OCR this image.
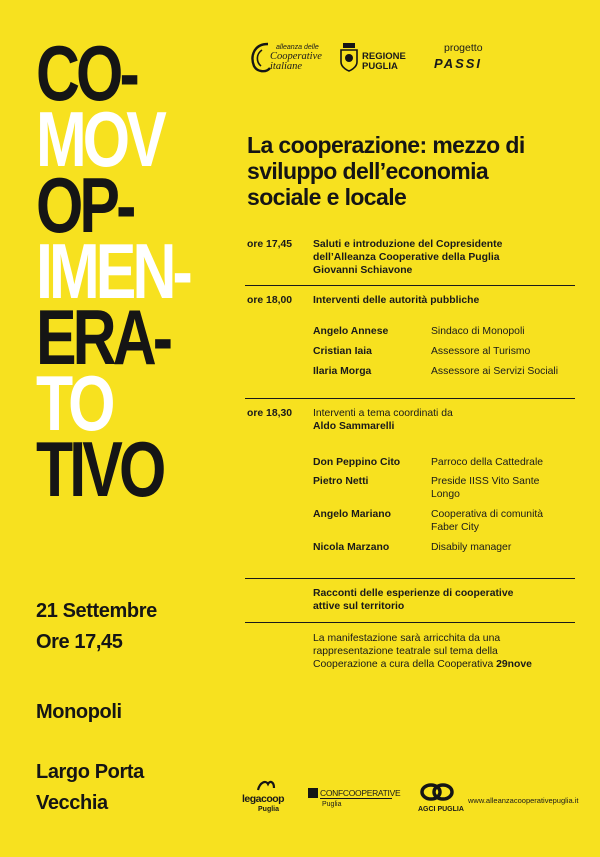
CO-
MOV
OP-
IMEN-
ERA-
TO
TIVO
alleanza delle
Cooperative italiane
REGIONE PUGLIA
progetto
PASSI
La cooperazione: mezzo di sviluppo dell’economia sociale e locale
ore 17,45 Saluti e introduzione del Copresidente dell’Alleanza Cooperative della Puglia Giovanni Schiavone
ore 18,00 Interventi delle autorità pubbliche
Angelo Annese	Sindaco di Monopoli
Cristian Iaia	Assessore al Turismo
Ilaria Morga	Assessore ai Servizi Sociali
ore 18,30 Interventi a tema coordinati da
Aldo Sammarelli
Don Peppino Cito	Parroco della Cattedrale
Pietro Netti	Preside IISS Vito Sante Longo
Angelo Mariano	Cooperativa di comunità Faber City
Nicola Marzano	Disabily manager
Racconti delle esperienze di cooperative attive sul territorio
La manifestazione sarà arricchita da una rappresentazione teatrale sul tema della Cooperazione a cura della Cooperativa 29nove
21 Settembre
Ore 17,45
Monopoli
Largo Porta
Vecchia	legacoop
Puglia
CONFCOOPERATIVE
Puglia
AGCI PUGLIA
www.alleanzacooperativepuglia.it
